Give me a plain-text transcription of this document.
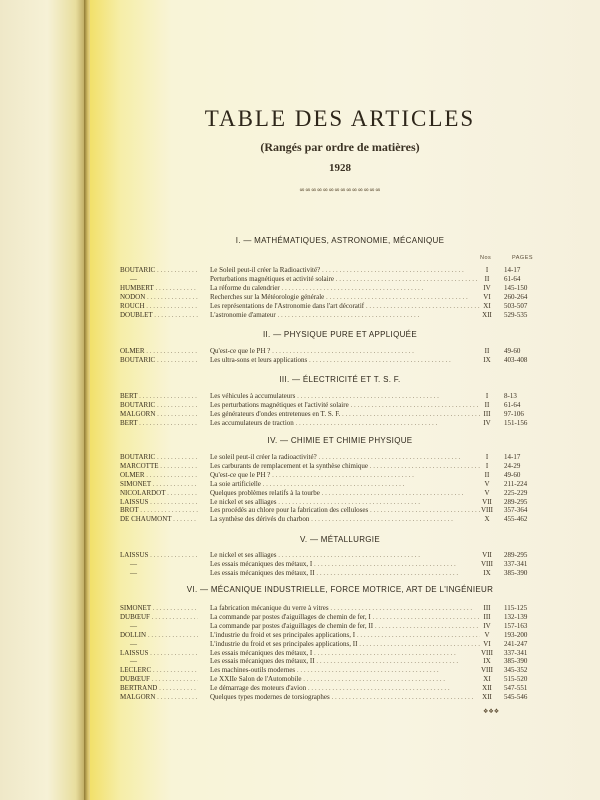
TABLE DES ARTICLES
(Rangés par ordre de matières)
1928
∞∞∞∞∞∞∞∞∞∞∞∞∞∞
Nos	PAGES
❖❖❖
I. — MATHÉMATIQUES, ASTRONOMIE, MÉCANIQUE
BOUTARIC . . .	Le Soleil peut-il créer la Radioactivité? . . .	I	14-17
—	Perturbations magnétiques et activité solaire . . .	II	61-64
HUMBERT . . .	La réforme du calendrier . . .	IV	145-150
NODON . . .	Recherches sur la Météorologie générale . . .	VI	260-264
ROUCH . . .	Les représentations de l'Astronomie dans l'art décoratif . . .	XI	503-507
DOUBLET . . .	L'astronomie d'amateur . . .	XII	529-535
II. — PHYSIQUE PURE ET APPLIQUÉE
OLMER . . .	Qu'est-ce que le PH ? . . .	II	49-60
BOUTARIC . . .	Les ultra-sons et leurs applications . . .	IX	403-408
III. — ÉLECTRICITÉ ET T. S. F.
BERT . . .	Les véhicules à accumulateurs . . .	I	8-13
BOUTARIC . . .	Les perturbations magnétiques et l'activité solaire . . .	II	61-64
MALGORN . . .	Les générateurs d'ondes entretenues en T. S. F. . . .	III	97-106
BERT . . .	Les accumulateurs de traction . . .	IV	151-156
IV. — CHIMIE ET CHIMIE PHYSIQUE
BOUTARIC . . .	Le soleil peut-il créer la radioactivité? . . .	I	14-17
MARCOTTE . . .	Les carburants de remplacement et la synthèse chimique . . .	I	24-29
OLMER . . .	Qu'est-ce que le PH ? . . .	II	49-60
SIMONET . . .	La soie artificielle . . .	V	211-224
NICOLARDOT . . .	Quelques problèmes relatifs à la tourbe . . .	V	225-229
LAISSUS . . .	Le nickel et ses alliages . . .	VII	289-295
BROT . . .	Les procédés au chlore pour la fabrication des celluloses . . .	VIII	357-364
DE CHAUMONT . . .	La synthèse des dérivés du charbon . . .	X	455-462
V. — MÉTALLURGIE
LAISSUS . . .	Le nickel et ses alliages . . .	VII	289-295
—	Les essais mécaniques des métaux, I . . .	VIII	337-341
—	Les essais mécaniques des métaux, II . . .	IX	385-390
VI. — MÉCANIQUE INDUSTRIELLE, FORCE MOTRICE, ART DE L'INGÉNIEUR
SIMONET . . .	La fabrication mécanique du verre à vitres . . .	III	115-125
DUBŒUF . . .	La commande par postes d'aiguillages de chemin de fer, I . . .	III	132-139
—	La commande par postes d'aiguillages de chemin de fer, II . . .	IV	157-163
DOLLIN . . .	L'industrie du froid et ses principales applications, I . . .	V	193-200
—	L'industrie du froid et ses principales applications, II . . .	VI	241-247
LAISSUS . . .	Les essais mécaniques des métaux, I . . .	VIII	337-341
—	Les essais mécaniques des métaux, II . . .	IX	385-390
LECLERC . . .	Les machines-outils modernes . . .	VIII	345-352
DUBŒUF . . .	Le XXIIe Salon de l'Automobile . . .	XI	515-520
BERTRAND . . .	Le démarrage des moteurs d'avion . . .	XII	547-551
MALGORN . . .	Quelques types modernes de torsiographes . . .	XII	545-546
